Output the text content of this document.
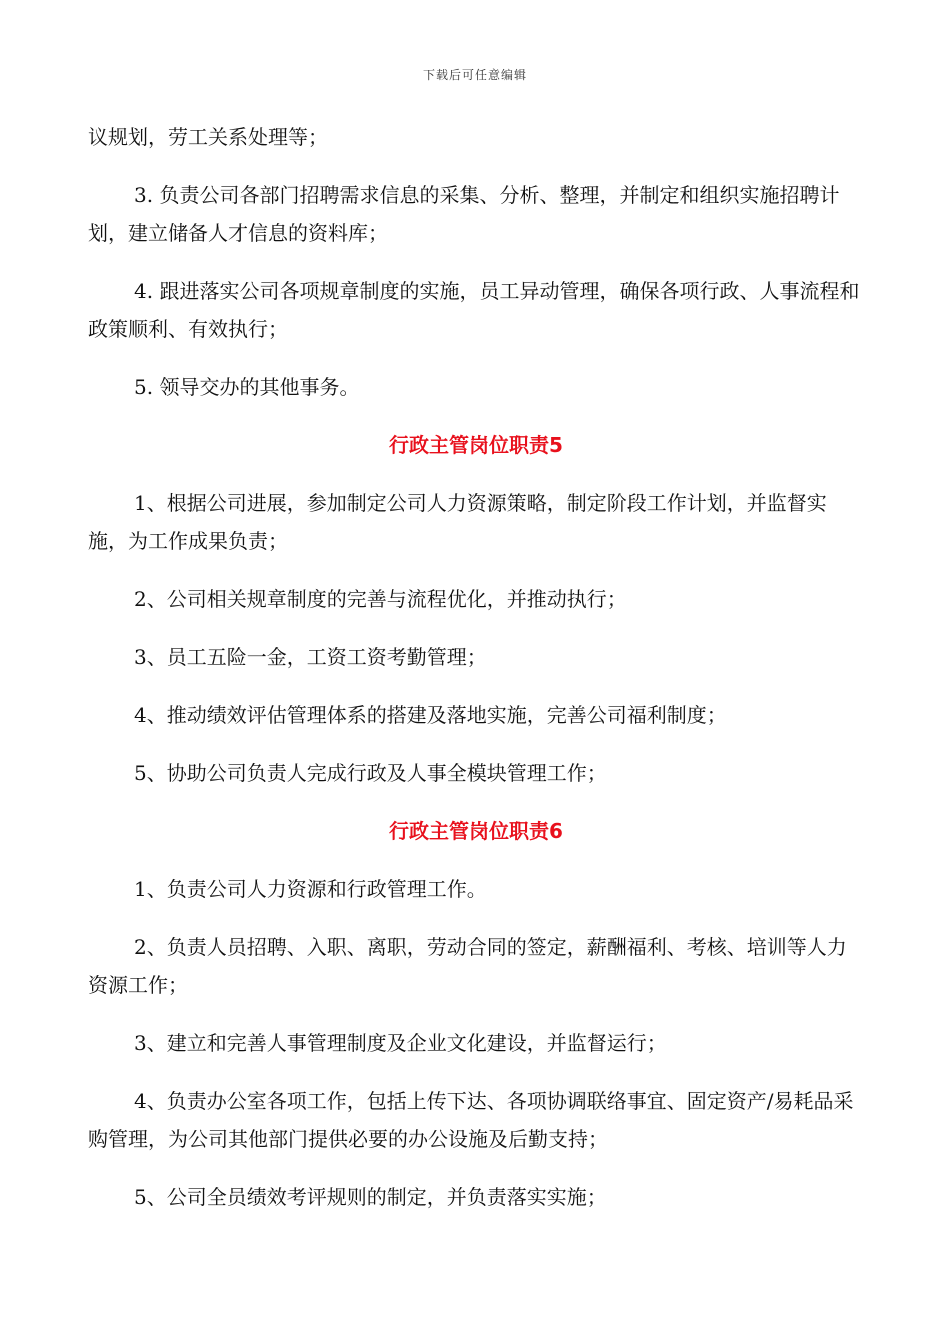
下载后可任意编辑

议规划，劳工关系处理等；

3. 负责公司各部门招聘需求信息的采集、分析、整理，并制定和组织实施招聘计划，建立储备人才信息的资料库；

4. 跟进落实公司各项规章制度的实施，员工异动管理，确保各项行政、人事流程和政策顺利、有效执行；

5. 领导交办的其他事务。

行政主管岗位职责5

1、根据公司进展，参加制定公司人力资源策略，制定阶段工作计划，并监督实施，为工作成果负责；

2、公司相关规章制度的完善与流程优化，并推动执行；

3、员工五险一金，工资工资考勤管理；

4、推动绩效评估管理体系的搭建及落地实施，完善公司福利制度；

5、协助公司负责人完成行政及人事全模块管理工作；

行政主管岗位职责6

1、负责公司人力资源和行政管理工作。

2、负责人员招聘、入职、离职，劳动合同的签定，薪酬福利、考核、培训等人力资源工作；

3、建立和完善人事管理制度及企业文化建设，并监督运行；

4、负责办公室各项工作，包括上传下达、各项协调联络事宜、固定资产/易耗品采购管理，为公司其他部门提供必要的办公设施及后勤支持；

5、公司全员绩效考评规则的制定，并负责落实实施；
